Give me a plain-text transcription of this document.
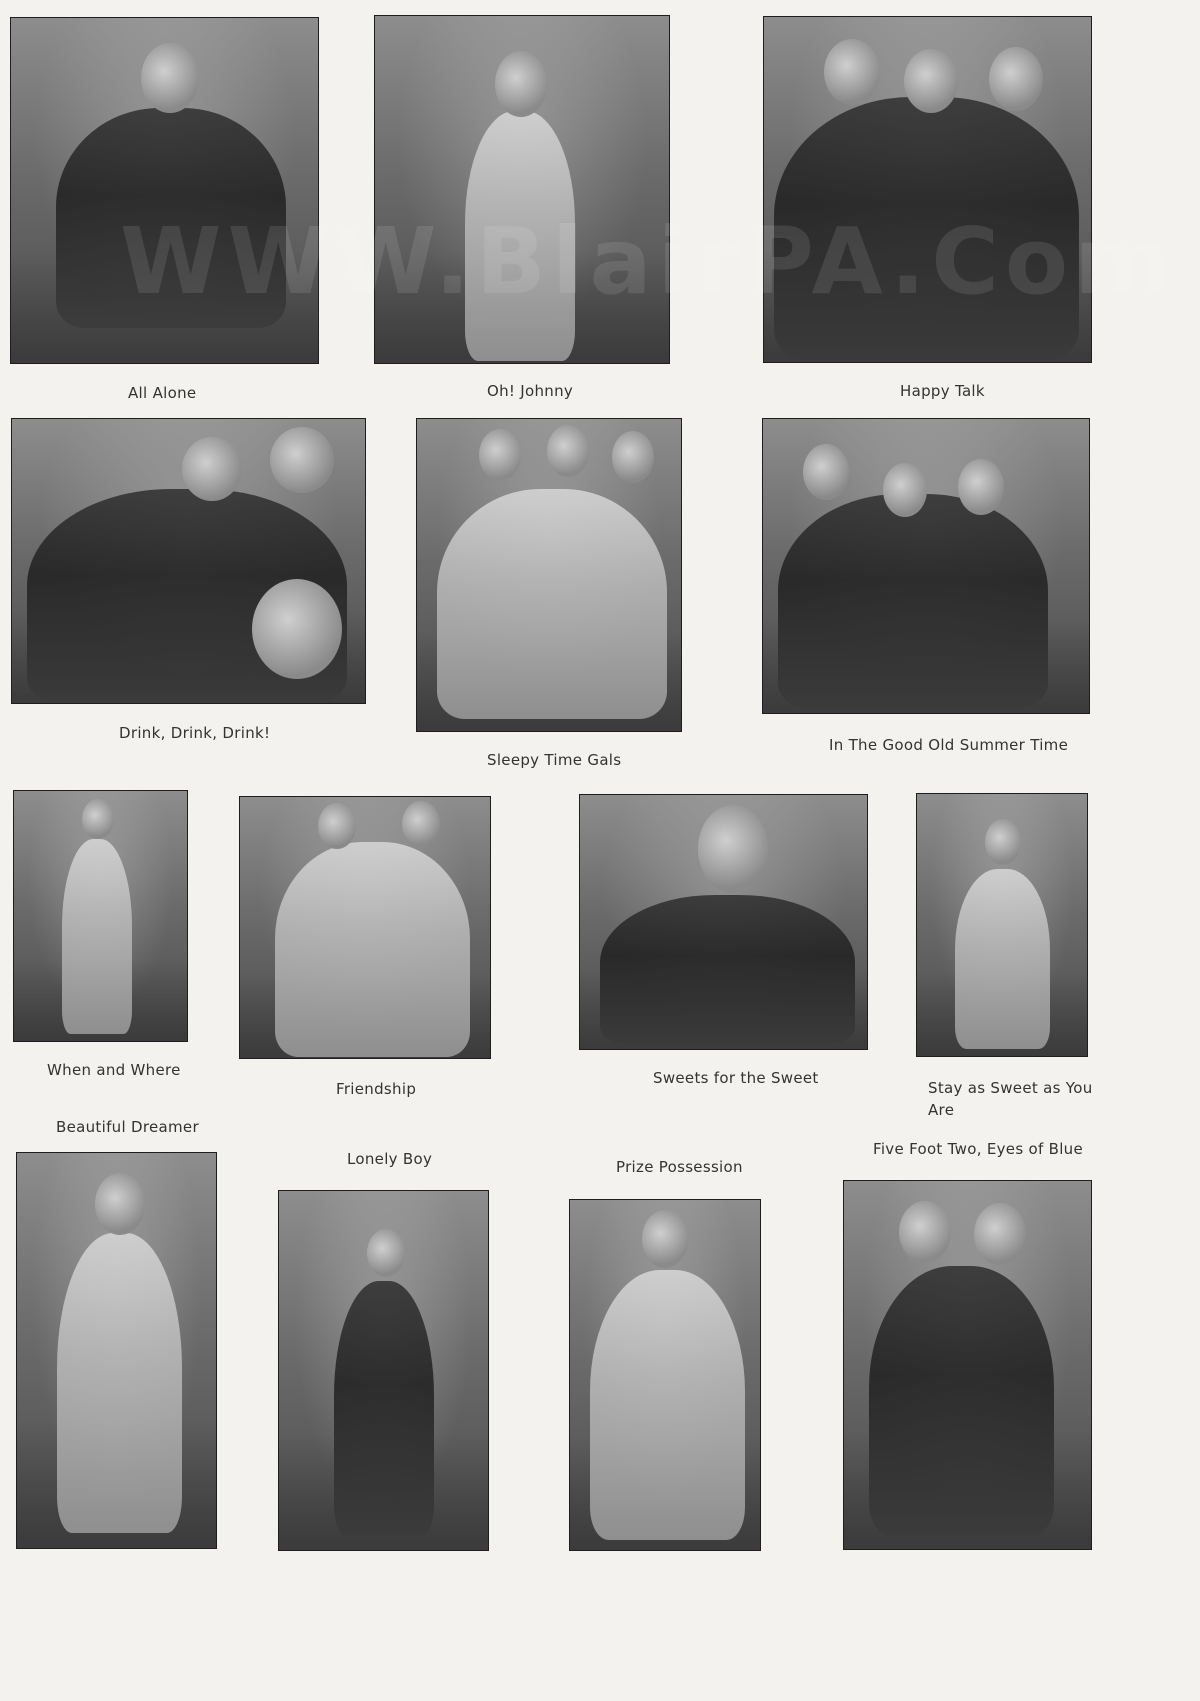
All Alone	Oh! Johnny	Happy Talk
Drink, Drink, Drink!
Sleepy Time Gals
In The Good Old Summer Time
When and Where
Friendship
Sweets for the Sweet
Stay as Sweet as You Are
Beautiful Dreamer
Lonely Boy	Prize Possession
Five Foot Two, Eyes of Blue
